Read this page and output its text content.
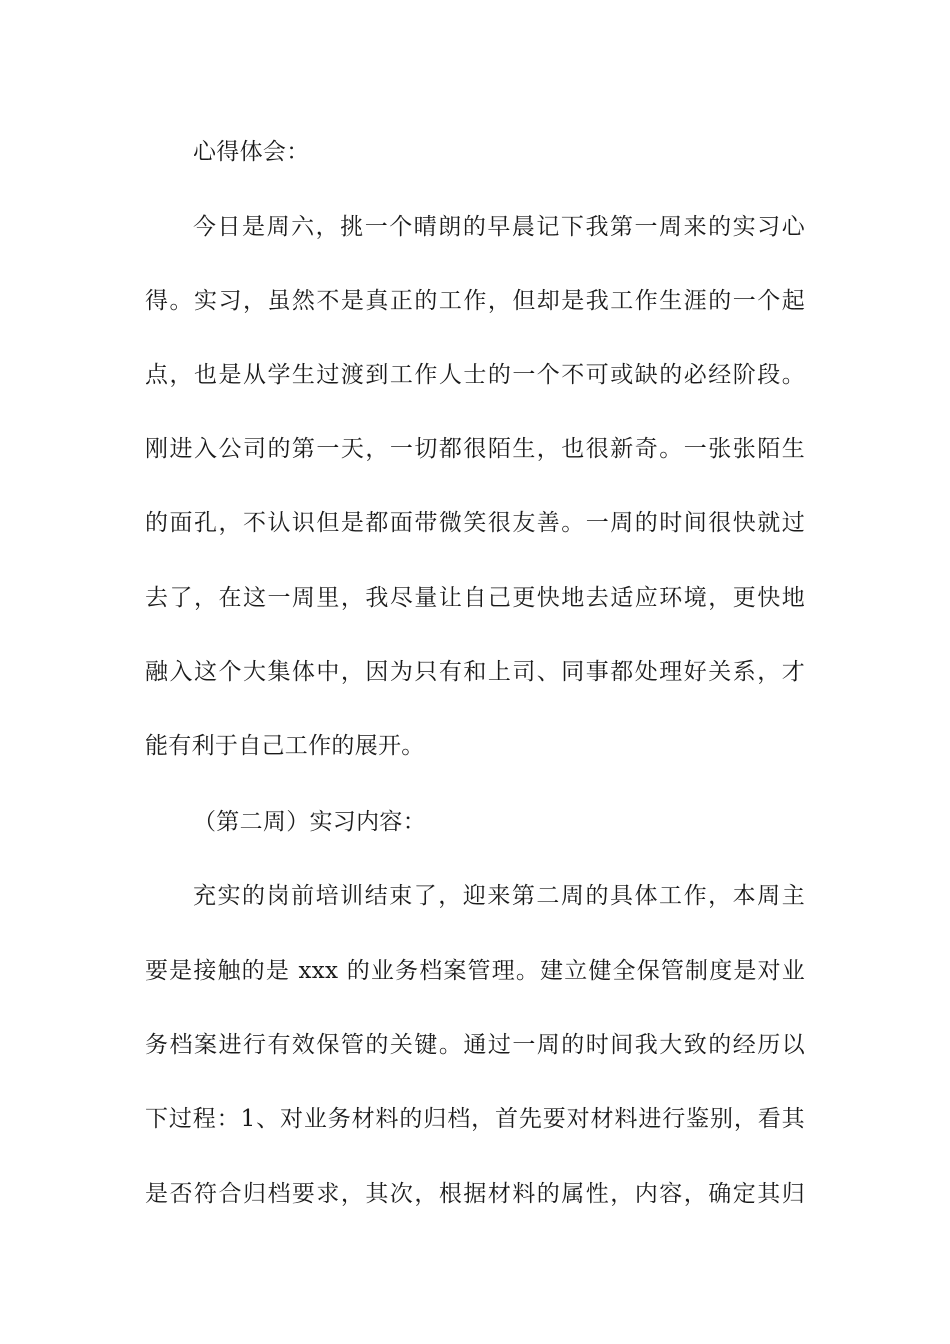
心得体会：
今日是周六，挑一个晴朗的早晨记下我第一周来的实习心
得。实习，虽然不是真正的工作，但却是我工作生涯的一个起
点，也是从学生过渡到工作人士的一个不可或缺的必经阶段。
刚进入公司的第一天，一切都很陌生，也很新奇。一张张陌生
的面孔，不认识但是都面带微笑很友善。一周的时间很快就过
去了，在这一周里，我尽量让自己更快地去适应环境，更快地
融入这个大集体中，因为只有和上司、同事都处理好关系，才
能有利于自己工作的展开。
（第二周）实习内容：
充实的岗前培训结束了，迎来第二周的具体工作，本周主
要是接触的是 xxx 的业务档案管理。建立健全保管制度是对业
务档案进行有效保管的关键。通过一周的时间我大致的经历以
下过程：1、对业务材料的归档，首先要对材料进行鉴别，看其
是否符合归档要求，其次，根据材料的属性，内容，确定其归
